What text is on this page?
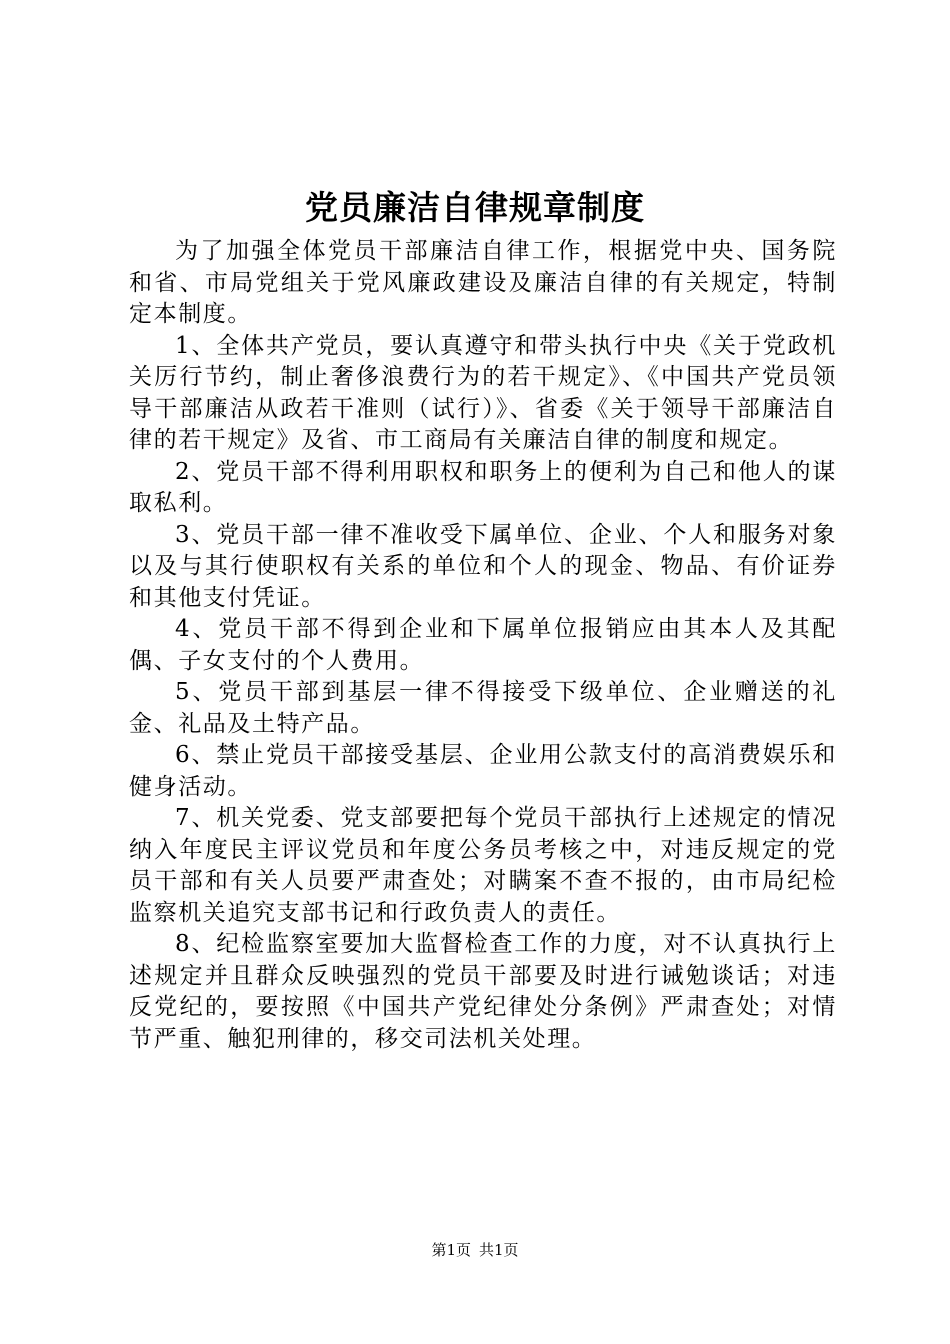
党员廉洁自律规章制度

为了加强全体党员干部廉洁自律工作，根据党中央、国务院和省、市局党组关于党风廉政建设及廉洁自律的有关规定，特制定本制度。

1、全体共产党员，要认真遵守和带头执行中央《关于党政机关厉行节约，制止奢侈浪费行为的若干规定》、《中国共产党员领导干部廉洁从政若干准则（试行）》、省委《关于领导干部廉洁自律的若干规定》及省、市工商局有关廉洁自律的制度和规定。

2、党员干部不得利用职权和职务上的便利为自己和他人的谋取私利。

3、党员干部一律不准收受下属单位、企业、个人和服务对象以及与其行使职权有关系的单位和个人的现金、物品、有价证券和其他支付凭证。

4、党员干部不得到企业和下属单位报销应由其本人及其配偶、子女支付的个人费用。

5、党员干部到基层一律不得接受下级单位、企业赠送的礼金、礼品及土特产品。

6、禁止党员干部接受基层、企业用公款支付的高消费娱乐和健身活动。

7、机关党委、党支部要把每个党员干部执行上述规定的情况纳入年度民主评议党员和年度公务员考核之中，对违反规定的党员干部和有关人员要严肃查处；对瞒案不查不报的，由市局纪检监察机关追究支部书记和行政负责人的责任。

8、纪检监察室要加大监督检查工作的力度，对不认真执行上述规定并且群众反映强烈的党员干部要及时进行诫勉谈话；对违反党纪的，要按照《中国共产党纪律处分条例》严肃查处；对情节严重、触犯刑律的，移交司法机关处理。

第1页 共1页
